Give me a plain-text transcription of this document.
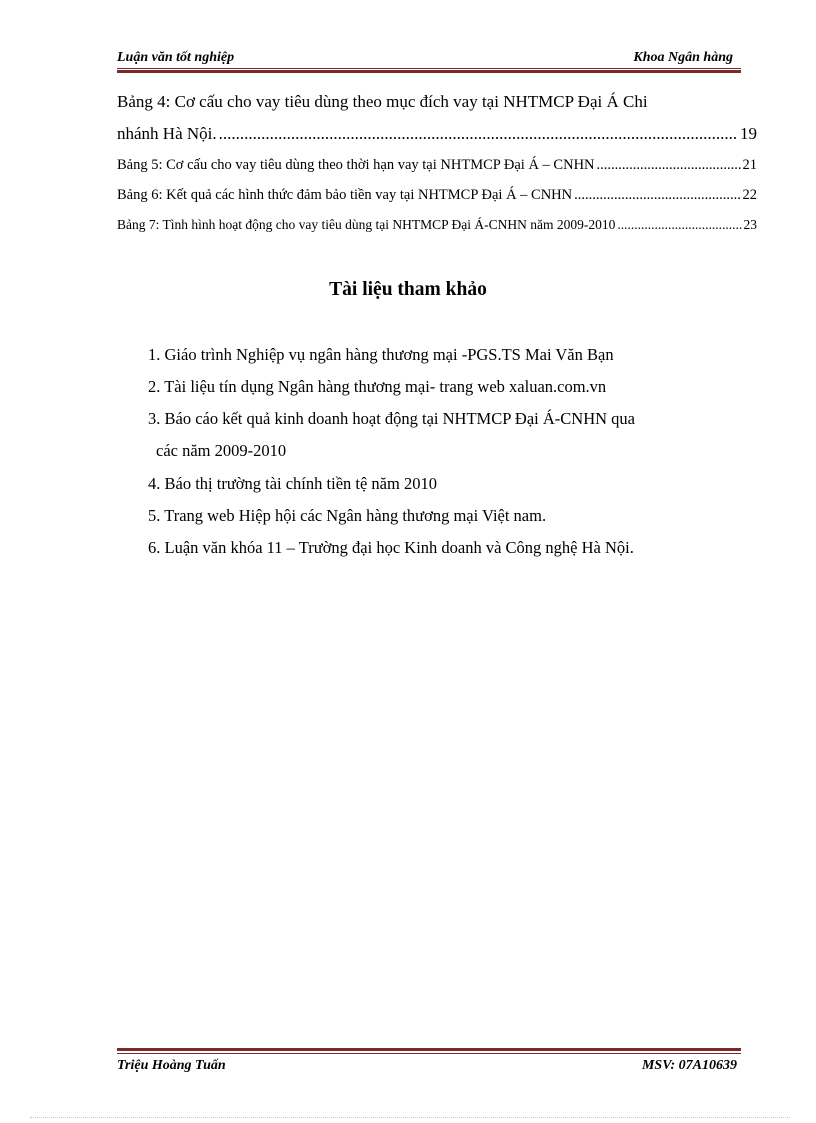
Luận văn tốt nghiệp	Khoa Ngân hàng
Bảng 4: Cơ cấu cho vay tiêu dùng theo mục đích vay tại NHTMCP Đại Á Chi
nhánh Hà Nội. .....	19
Bảng 5: Cơ cấu cho vay tiêu dùng theo thời hạn vay tại NHTMCP Đại Á – CNHN .....	21
Bảng 6: Kết quả các hình thức đảm bảo tiền vay tại NHTMCP Đại Á – CNHN .....	22
Bảng 7: Tình hình hoạt động cho vay tiêu dùng tại NHTMCP Đại Á-CNHN năm 2009-2010 .....	23
Tài liệu tham khảo
1. Giáo trình Nghiệp vụ ngân hàng thương mại -PGS.TS Mai Văn Bạn
2. Tài liệu tín dụng Ngân hàng thương mại- trang web xaluan.com.vn
3. Báo cáo kết quả kinh doanh hoạt động tại NHTMCP Đại Á-CNHN qua
các năm 2009-2010
4. Báo thị trường tài chính tiền tệ năm 2010
5. Trang web Hiệp hội các Ngân hàng thương mại Việt nam.
6. Luận văn khóa 11 – Trường đại học Kinh doanh và Công nghệ Hà Nội.
Triệu Hoàng Tuấn	MSV: 07A10639
